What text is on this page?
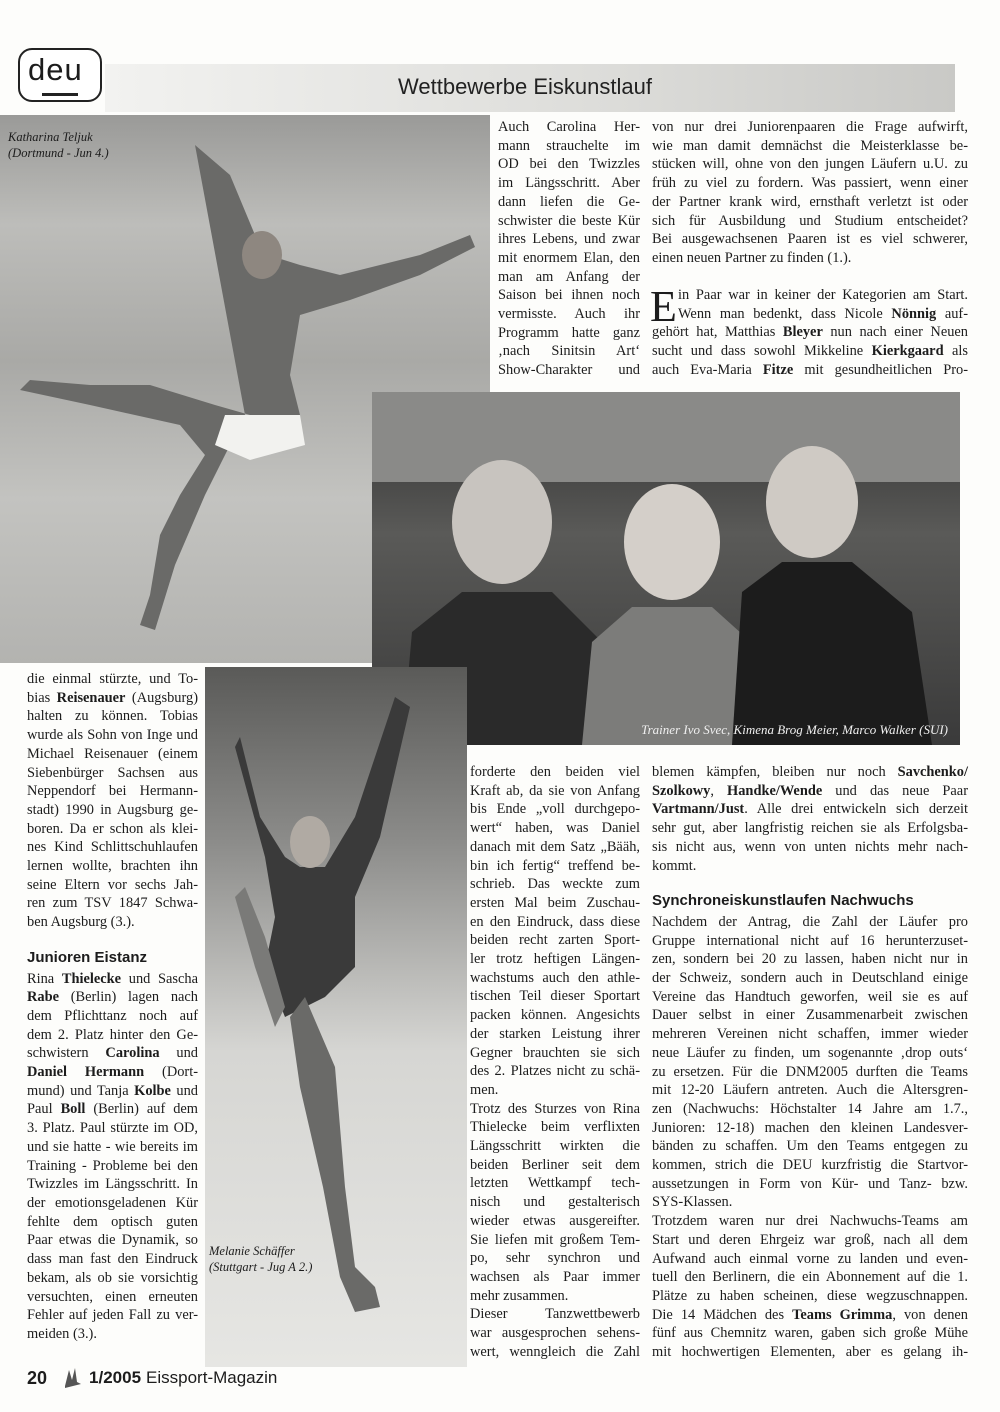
deu	Wettbewerbe Eiskunstlauf
Katharina Teljuk
(Dortmund - Jun 4.)
Trainer Ivo Svec, Kimena Brog Meier, Marco Walker (SUI)
Melanie Schäffer
(Stuttgart - Jug A 2.)
Auch Carolina Her-
mann strauchelte im
OD bei den Twizzles
im Längsschritt. Aber
dann liefen die Ge-
schwister die beste Kür
ihres Lebens, und zwar
mit enormem Elan, den
man am Anfang der
Saison bei ihnen noch
vermisste. Auch ihr
Programm hatte ganz
‚nach Sinitsin Art‘
Show-Charakter und
von nur drei Juniorenpaaren die Frage aufwirft,
wie man damit demnächst die Meisterklasse be-
stücken will, ohne von den jungen Läufern u.U. zu
früh zu viel zu fordern. Was passiert, wenn einer
der Partner krank wird, ernsthaft verletzt ist oder
sich für Ausbildung und Studium entscheidet?
Bei ausgewachsenen Paaren ist es viel schwerer,
einen neuen Partner zu finden (1.).
E in Paar war in keiner der Kategorien am Start.
Wenn man bedenkt, dass Nicole Nönnig auf-
gehört hat, Matthias Bleyer nun nach einer Neuen
sucht und dass sowohl Mikkeline Kierkgaard als
auch Eva-Maria Fitze mit gesundheitlichen Pro-
die einmal stürzte, und To-
bias Reisenauer (Augsburg)
halten zu können. Tobias
wurde als Sohn von Inge und
Michael Reisenauer (einem
Siebenbürger Sachsen aus
Neppendorf bei Hermann-
stadt) 1990 in Augsburg ge-
boren. Da er schon als klei-
nes Kind Schlittschuhlaufen
lernen wollte, brachten ihn
seine Eltern vor sechs Jah-
ren zum TSV 1847 Schwa-
ben Augsburg (3.).
Junioren Eistanz
Rina Thielecke und Sascha
Rabe (Berlin) lagen nach
dem Pflichttanz noch auf
dem 2. Platz hinter den Ge-
schwistern Carolina und
Daniel Hermann (Dort-
mund) und Tanja Kolbe und
Paul Boll (Berlin) auf dem
3. Platz. Paul stürzte im OD,
und sie hatte - wie bereits im
Training - Probleme bei den
Twizzles im Längsschritt. In
der emotionsgeladenen Kür
fehlte dem optisch guten
Paar etwas die Dynamik, so
dass man fast den Eindruck
bekam, als ob sie vorsichtig
versuchten, einen erneuten
Fehler auf jeden Fall zu ver-
meiden (3.).
forderte den beiden viel
Kraft ab, da sie von Anfang
bis Ende „voll durchgepo-
wert“ haben, was Daniel
danach mit dem Satz „Bääh,
bin ich fertig“ treffend be-
schrieb. Das weckte zum
ersten Mal beim Zuschau-
en den Eindruck, dass diese
beiden recht zarten Sport-
ler trotz heftigen Längen-
wachstums auch den athle-
tischen Teil dieser Sportart
packen können. Angesichts
der starken Leistung ihrer
Gegner brauchten sie sich
des 2. Platzes nicht zu schä-
men.
Trotz des Sturzes von Rina
Thielecke beim verflixten
Längsschritt wirkten die
beiden Berliner seit dem
letzten Wettkampf tech-
nisch und gestalterisch
wieder etwas ausgereifter.
Sie liefen mit großem Tem-
po, sehr synchron und
wachsen als Paar immer
mehr zusammen.
Dieser Tanzwettbewerb
war ausgesprochen sehens-
wert, wenngleich die Zahl
blemen kämpfen, bleiben nur noch Savchenko/
Szolkowy, Handke/Wende und das neue Paar
Vartmann/Just. Alle drei entwickeln sich derzeit
sehr gut, aber langfristig reichen sie als Erfolgsba-
sis nicht aus, wenn von unten nichts mehr nach-
kommt.
Synchroneiskunstlaufen Nachwuchs
Nachdem der Antrag, die Zahl der Läufer pro
Gruppe international nicht auf 16 herunterzuset-
zen, sondern bei 20 zu lassen, haben nicht nur in
der Schweiz, sondern auch in Deutschland einige
Vereine das Handtuch geworfen, weil sie es auf
Dauer selbst in einer Zusammenarbeit zwischen
mehreren Vereinen nicht schaffen, immer wieder
neue Läufer zu finden, um sogenannte ‚drop outs‘
zu ersetzen. Für die DNM2005 durften die Teams
mit 12-20 Läufern antreten. Auch die Altersgren-
zen (Nachwuchs: Höchstalter 14 Jahre am 1.7.,
Junioren: 12-18) machen den kleinen Landesver-
bänden zu schaffen. Um den Teams entgegen zu
kommen, strich die DEU kurzfristig die Startvor-
aussetzungen in Form von Kür- und Tanz- bzw.
SYS-Klassen.
Trotzdem waren nur drei Nachwuchs-Teams am
Start und deren Ehrgeiz war groß, nach all dem
Aufwand auch einmal vorne zu landen und even-
tuell den Berlinern, die ein Abonnement auf die 1.
Plätze zu haben scheinen, diese wegzuschnappen.
Die 14 Mädchen des Teams Grimma, von denen
fünf aus Chemnitz waren, gaben sich große Mühe
mit hochwertigen Elementen, aber es gelang ih-
20 1/2005 Eissport-Magazin
